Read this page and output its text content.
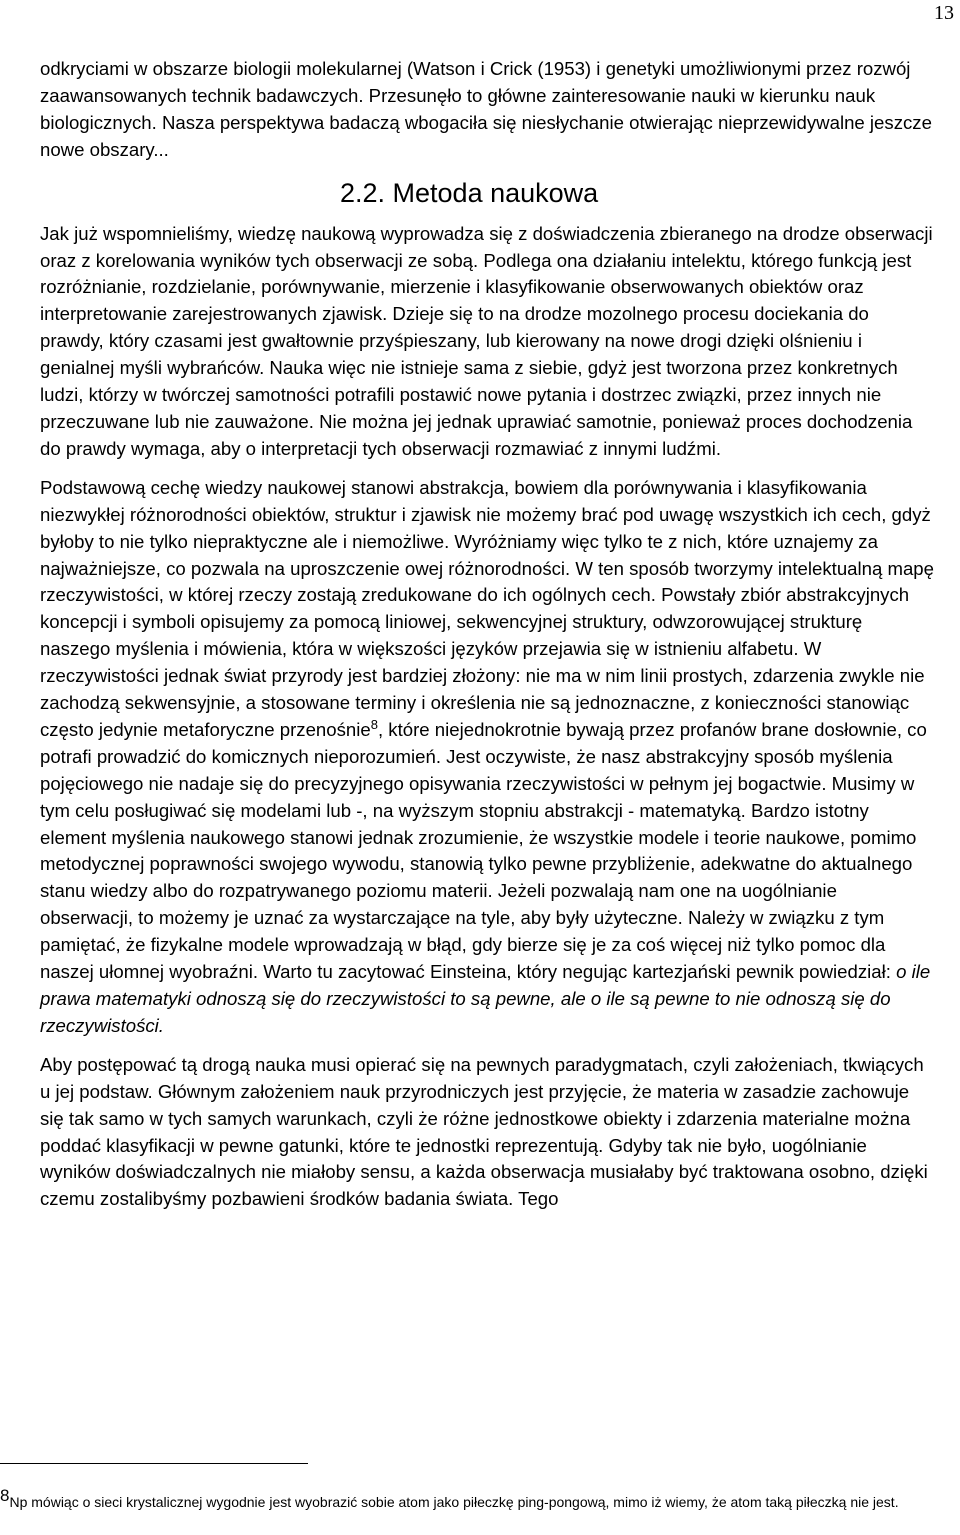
13

odkryciami w obszarze biologii molekularnej (Watson i Crick (1953) i genetyki umożliwionymi przez rozwój zaawansowanych technik badawczych. Przesunęło to główne zainteresowanie nauki w kierunku nauk biologicznych. Nasza perspektywa badaczą wbogaciła się niesłychanie otwierając nieprzewidywalne jeszcze nowe obszary...

2.2. Metoda naukowa

Jak już wspomnieliśmy, wiedzę naukową wyprowadza się z doświadczenia zbieranego na drodze obserwacji oraz z korelowania wyników tych obserwacji ze sobą. Podlega ona działaniu intelektu, którego funkcją jest rozróżnianie, rozdzielanie, porównywanie, mierzenie i klasyfikowanie obserwowanych obiektów oraz interpretowanie zarejestrowanych zjawisk. Dzieje się to na drodze mozolnego procesu dociekania do prawdy, który czasami jest gwałtownie przyśpieszany, lub kierowany na nowe drogi dzięki olśnieniu i genialnej myśli wybrańców. Nauka więc nie istnieje sama z siebie, gdyż jest tworzona przez konkretnych ludzi, którzy w twórczej samotności potrafili postawić nowe pytania i dostrzec związki, przez innych nie przeczuwane lub nie zauważone. Nie można jej jednak uprawiać samotnie, ponieważ proces dochodzenia do prawdy wymaga, aby o interpretacji tych obserwacji rozmawiać z innymi ludźmi.

Podstawową cechę wiedzy naukowej stanowi abstrakcja, bowiem dla porównywania i klasyfikowania niezwykłej różnorodności obiektów, struktur i zjawisk nie możemy brać pod uwagę wszystkich ich cech, gdyż byłoby to nie tylko niepraktyczne ale i niemożliwe. Wyróżniamy więc tylko te z nich, które uznajemy za najważniejsze, co pozwala na uproszczenie owej różnorodności. W ten sposób tworzymy intelektualną mapę rzeczywistości, w której rzeczy zostają zredukowane do ich ogólnych cech. Powstały zbiór abstrakcyjnych koncepcji i symboli opisujemy za pomocą liniowej, sekwencyjnej struktury, odwzorowującej strukturę naszego myślenia i mówienia, która w większości języków przejawia się w istnieniu alfabetu. W rzeczywistości jednak świat przyrody jest bardziej złożony: nie ma w nim linii prostych, zdarzenia zwykle nie zachodzą sekwensyjnie, a stosowane terminy i określenia nie są jednoznaczne, z konieczności stanowiąc często jedynie metaforyczne przenośnie$^8$, które niejednokrotnie bywają przez profanów brane dosłownie, co potrafi prowadzić do komicznych nieporozumień. Jest oczywiste, że nasz abstrakcyjny sposób myślenia pojęciowego nie nadaje się do precyzyjnego opisywania rzeczywistości w pełnym jej bogactwie. Musimy w tym celu posługiwać się modelami lub -, na wyższym stopniu abstrakcji - matematyką. Bardzo istotny element myślenia naukowego stanowi jednak zrozumienie, że wszystkie modele i teorie naukowe, pomimo metodycznej poprawności swojego wywodu, stanowią tylko pewne przybliżenie, adekwatne do aktualnego stanu wiedzy albo do rozpatrywanego poziomu materii. Jeżeli pozwalają nam one na uogólnianie obserwacji, to możemy je uznać za wystarczające na tyle, aby były użyteczne. Należy w związku z tym pamiętać, że fizykalne modele wprowadzają w błąd, gdy bierze się je za coś więcej niż tylko pomoc dla naszej ułomnej wyobraźni. Warto tu zacytować Einsteina, który negując kartezjański pewnik powiedział: o ile prawa matematyki odnoszą się do rzeczywistości to są pewne, ale o ile są pewne to nie odnoszą się do rzeczywistości.

Aby postępować tą drogą nauka musi opierać się na pewnych paradygmatach, czyli założeniach, tkwiących u jej podstaw. Głównym założeniem nauk przyrodniczych jest przyjęcie, że materia w zasadzie zachowuje się tak samo w tych samych warunkach, czyli że różne jednostkowe obiekty i zdarzenia materialne można poddać klasyfikacji w pewne gatunki, które te jednostki reprezentują. Gdyby tak nie było, uogólnianie wyników doświadczalnych nie miałoby sensu, a każda obserwacja musiałaby być traktowana osobno, dzięki czemu zostalibyśmy pozbawieni środków badania świata. Tego

8Np mówiąc o sieci krystalicznej wygodnie jest wyobrazić sobie atom jako piłeczkę ping-pongową, mimo iż wiemy, że atom taką piłeczką nie jest.
